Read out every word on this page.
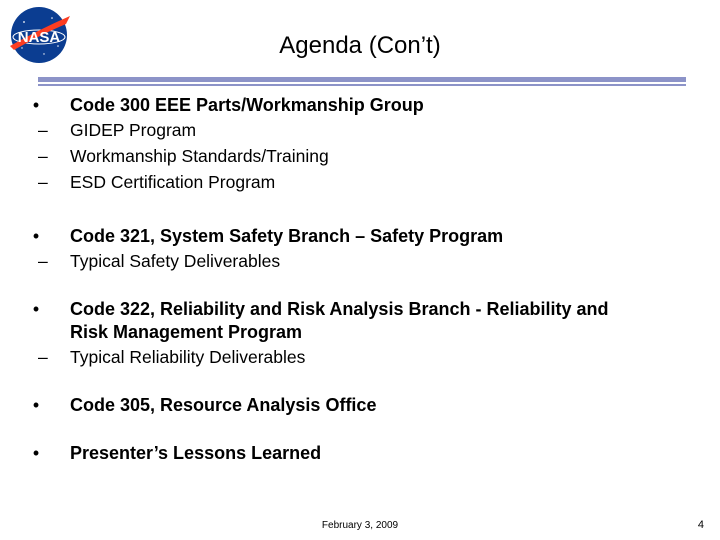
NASA	Agenda (Con’t)
• Code 300 EEE Parts/Workmanship Group
– GIDEP Program
– Workmanship Standards/Training
– ESD Certification Program
• Code 321, System Safety Branch – Safety Program
– Typical Safety Deliverables
• Code 322, Reliability and Risk Analysis Branch - Reliability and
Risk Management Program
– Typical Reliability Deliverables
• Code 305, Resource Analysis Office
• Presenter’s Lessons Learned
February 3, 2009	4
